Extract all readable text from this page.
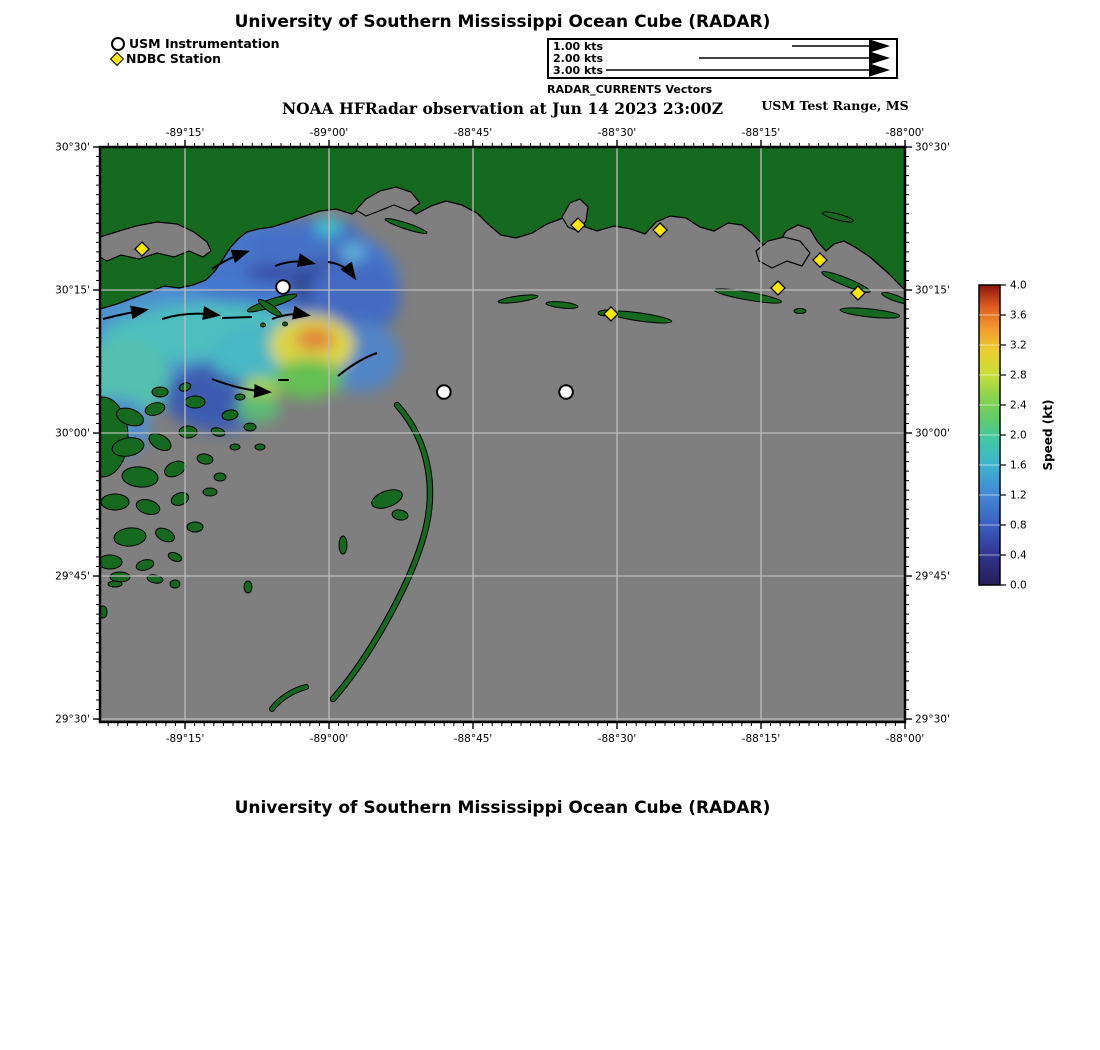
-89°15'
-89°15'
-89°00'
-89°00'
-88°45'
-88°45'
-88°30'
-88°30'
-88°15'
-88°15'
-88°00'
-88°00'
30°30'	30°30'
30°15'	30°15'
30°00'	30°00'
29°45'	29°45'
29°30'	29°30'
0.0
0.4
0.8
1.2
1.6
2.0
2.4
2.8
3.2
3.6
4.0
Speed (kt)
University of Southern Mississippi Ocean Cube (RADAR)
USM Instrumentation
NDBC Station
1.00 kts
2.00 kts
3.00 kts
RADAR_CURRENTS Vectors
NOAA HFRadar observation at Jun 14 2023 23:00Z	USM Test Range, MS
University of Southern Mississippi Ocean Cube (RADAR)
